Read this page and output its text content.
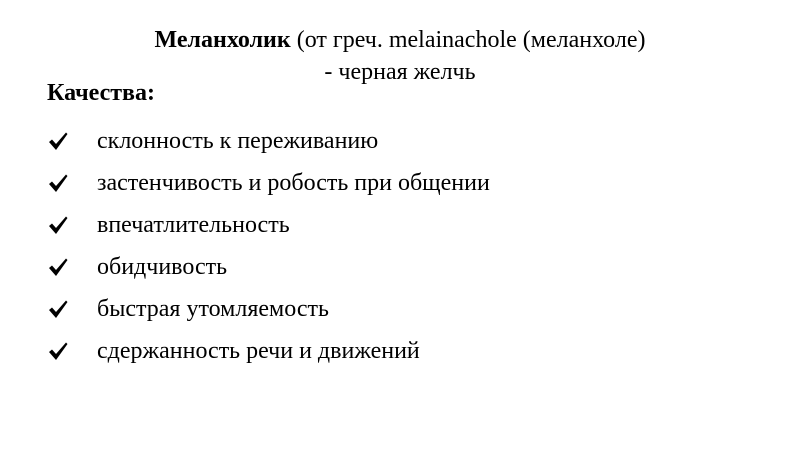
Меланхолик (от греч. melainachole (меланхоле)
- черная желчь
Качества:
склонность к переживанию
застенчивость и робость при общении
впечатлительность
обидчивость
быстрая утомляемость
сдержанность речи и движений
